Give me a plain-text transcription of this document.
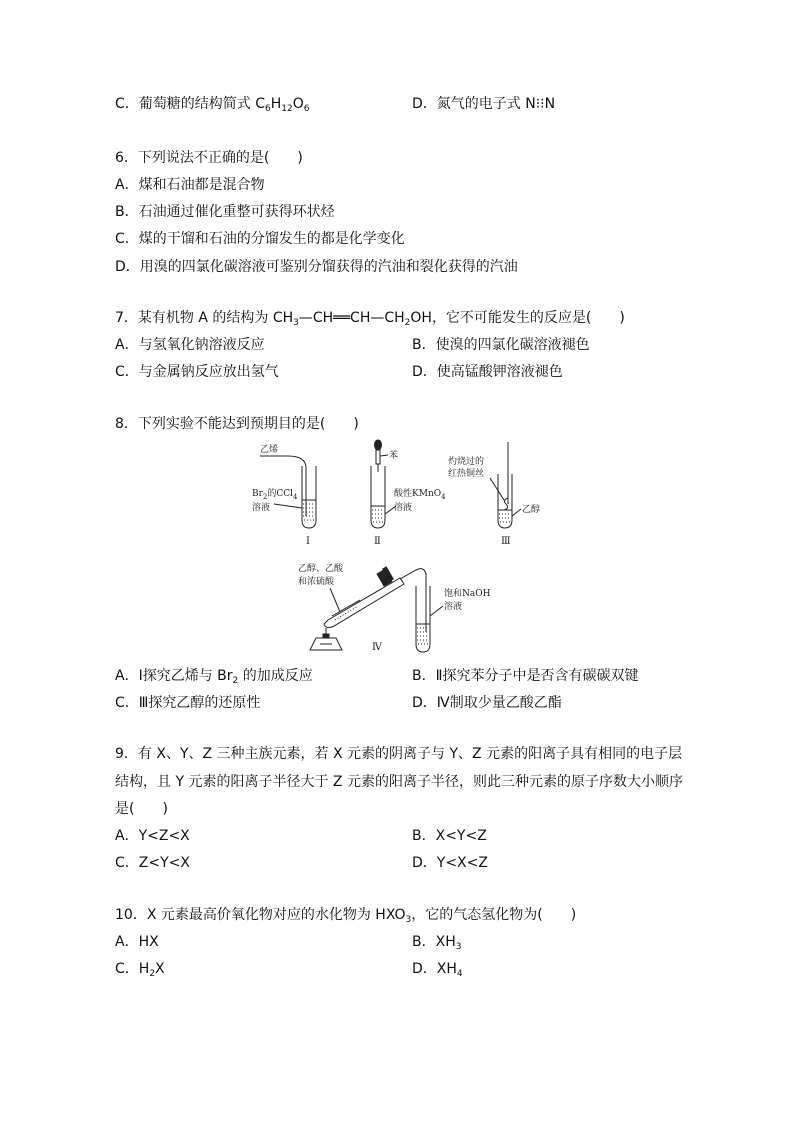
C．葡萄糖的结构简式 $C_6H_{12}O_6$	D．氮气的电子式 N⁝⁝N
6．下列说法不正确的是(　　)
A．煤和石油都是混合物
B．石油通过催化重整可获得环状烃
C．煤的干馏和石油的分馏发生的都是化学变化
D．用溴的四氯化碳溶液可鉴别分馏获得的汽油和裂化获得的汽油
7．某有机物 A 的结构为 $CH_3—CH══CH—CH_2OH$，它不可能发生的反应是(　　)
A．与氢氧化钠溶液反应	B．使溴的四氯化碳溶液褪色
C．与金属钠反应放出氢气	D．使高锰酸钾溶液褪色
8．下列实验不能达到预期目的是(　　)
乙烯
$Br_2$的CCl$_4$
溶液
Ⅰ
苯
酸性KMnO$_4$
溶液
Ⅱ
灼烧过的
红热铜丝
乙醇
Ⅲ
乙醇、乙酸
和浓硫酸
饱和NaOH
溶液
Ⅳ
A．Ⅰ探究乙烯与 $Br_2$ 的加成反应	B．Ⅱ探究苯分子中是否含有碳碳双键
C．Ⅲ探究乙醇的还原性	D．Ⅳ制取少量乙酸乙酯
9．有 X、Y、Z 三种主族元素，若 X 元素的阴离子与 Y、Z 元素的阳离子具有相同的电子层
结构，且 Y 元素的阳离子半径大于 Z 元素的阳离子半径，则此三种元素的原子序数大小顺序
是(　　)
A．Y<Z<X	B．X<Y<Z
C．Z<Y<X	D．Y<X<Z
10．X 元素最高价氧化物对应的水化物为 $HXO_3$，它的气态氢化物为(　　)
A．HX	B．$XH_3$
C．$H_2X$	D．$XH_4$
